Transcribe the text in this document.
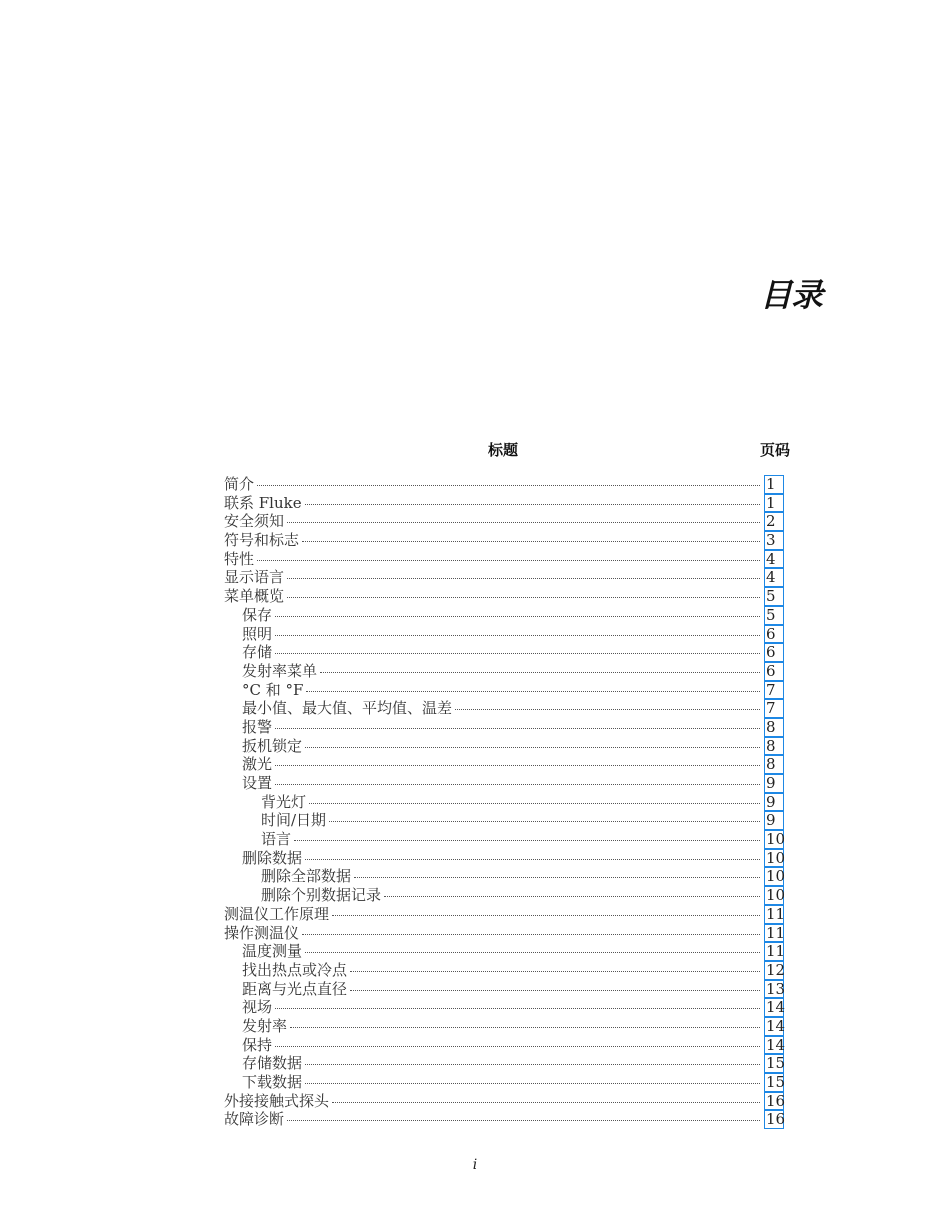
目录
标题	页码
简介	1
联系 Fluke	1
安全须知	2
符号和标志	3
特性	4
显示语言	4
菜单概览	5
保存	5
照明	6
存储	6
发射率菜单	6
°C 和 °F	7
最小值、最大值、平均值、温差	7
报警	8
扳机锁定	8
激光	8
设置	9
背光灯	9
时间/日期	9
语言	10
删除数据	10
删除全部数据	10
删除个别数据记录	10
测温仪工作原理	11
操作测温仪	11
温度测量	11
找出热点或冷点	12
距离与光点直径	13
视场	14
发射率	14
保持	14
存储数据	15
下载数据	15
外接接触式探头	16
故障诊断	16
i
